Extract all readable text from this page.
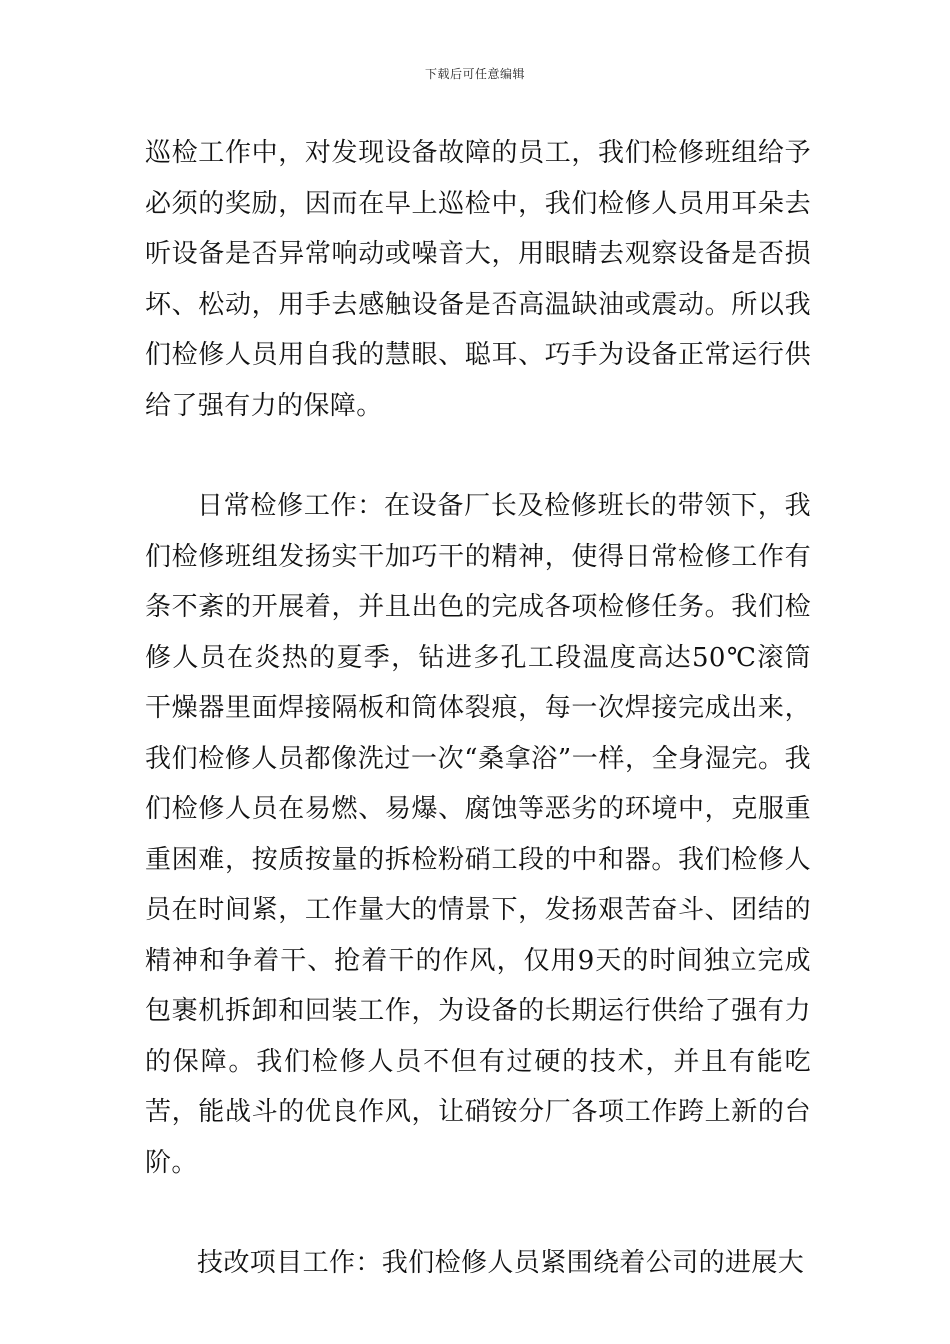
下载后可任意编辑

巡检工作中，对发现设备故障的员工，我们检修班组给予必须的奖励，因而在早上巡检中，我们检修人员用耳朵去听设备是否异常响动或噪音大，用眼睛去观察设备是否损坏、松动，用手去感触设备是否高温缺油或震动。所以我们检修人员用自我的慧眼、聪耳、巧手为设备正常运行供给了强有力的保障。

日常检修工作：在设备厂长及检修班长的带领下，我们检修班组发扬实干加巧干的精神，使得日常检修工作有条不紊的开展着，并且出色的完成各项检修任务。我们检修人员在炎热的夏季，钻进多孔工段温度高达50℃滚筒干燥器里面焊接隔板和筒体裂痕，每一次焊接完成出来，我们检修人员都像洗过一次“桑拿浴”一样，全身湿完。我们检修人员在易燃、易爆、腐蚀等恶劣的环境中，克服重重困难，按质按量的拆检粉硝工段的中和器。我们检修人员在时间紧，工作量大的情景下，发扬艰苦奋斗、团结的精神和争着干、抢着干的作风，仅用9天的时间独立完成包裹机拆卸和回装工作，为设备的长期运行供给了强有力的保障。我们检修人员不但有过硬的技术，并且有能吃苦，能战斗的优良作风，让硝铵分厂各项工作跨上新的台阶。

技改项目工作：我们检修人员紧围绕着公司的进展大
